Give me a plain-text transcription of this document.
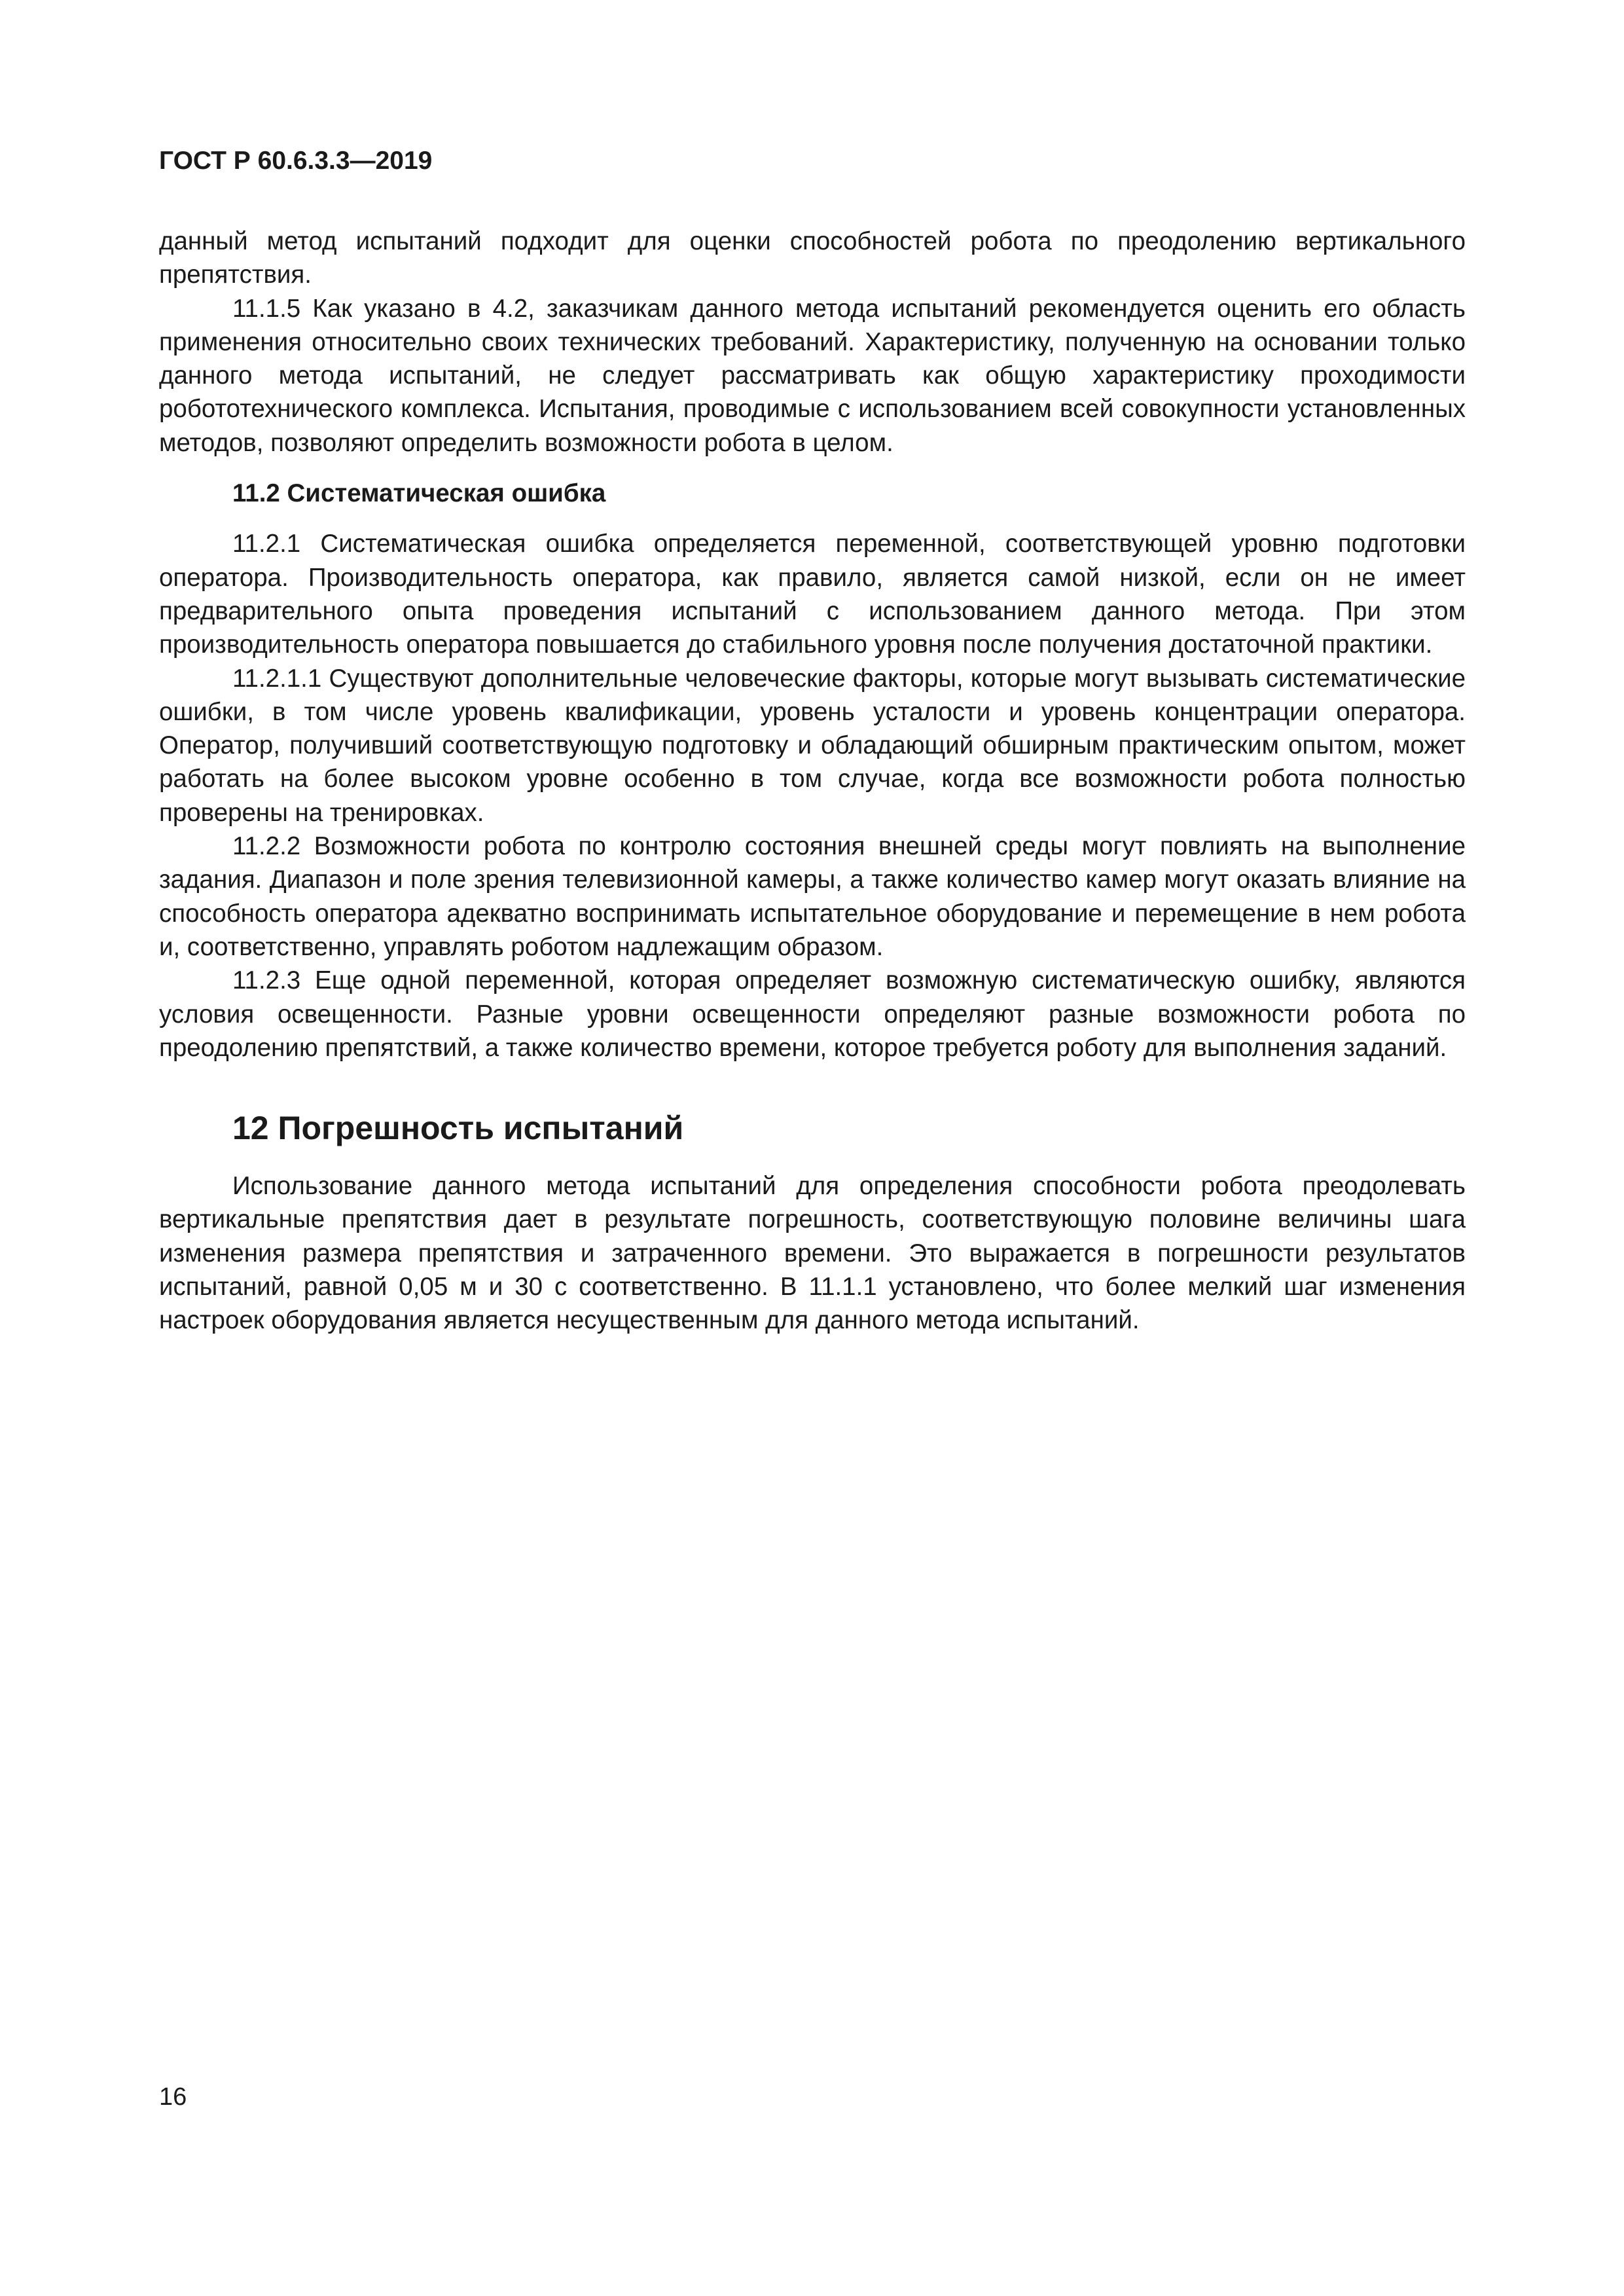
ГОСТ Р 60.6.3.3—2019

данный метод испытаний подходит для оценки способностей робота по преодолению вертикального препятствия.

11.1.5 Как указано в 4.2, заказчикам данного метода испытаний рекомендуется оценить его область применения относительно своих технических требований. Характеристику, полученную на основании только данного метода испытаний, не следует рассматривать как общую характеристику проходимости робототехнического комплекса. Испытания, проводимые с использованием всей совокупности установленных методов, позволяют определить возможности робота в целом.

11.2 Систематическая ошибка

11.2.1 Систематическая ошибка определяется переменной, соответствующей уровню подготовки оператора. Производительность оператора, как правило, является самой низкой, если он не имеет предварительного опыта проведения испытаний с использованием данного метода. При этом производительность оператора повышается до стабильного уровня после получения достаточной практики.

11.2.1.1 Существуют дополнительные человеческие факторы, которые могут вызывать систематические ошибки, в том числе уровень квалификации, уровень усталости и уровень концентрации оператора. Оператор, получивший соответствующую подготовку и обладающий обширным практическим опытом, может работать на более высоком уровне особенно в том случае, когда все возможности робота полностью проверены на тренировках.

11.2.2 Возможности робота по контролю состояния внешней среды могут повлиять на выполнение задания. Диапазон и поле зрения телевизионной камеры, а также количество камер могут оказать влияние на способность оператора адекватно воспринимать испытательное оборудование и перемещение в нем робота и, соответственно, управлять роботом надлежащим образом.

11.2.3 Еще одной переменной, которая определяет возможную систематическую ошибку, являются условия освещенности. Разные уровни освещенности определяют разные возможности робота по преодолению препятствий, а также количество времени, которое требуется роботу для выполнения заданий.

12 Погрешность испытаний

Использование данного метода испытаний для определения способности робота преодолевать вертикальные препятствия дает в результате погрешность, соответствующую половине величины шага изменения размера препятствия и затраченного времени. Это выражается в погрешности результатов испытаний, равной 0,05 м и 30 с соответственно. В 11.1.1 установлено, что более мелкий шаг изменения настроек оборудования является несущественным для данного метода испытаний.

16
